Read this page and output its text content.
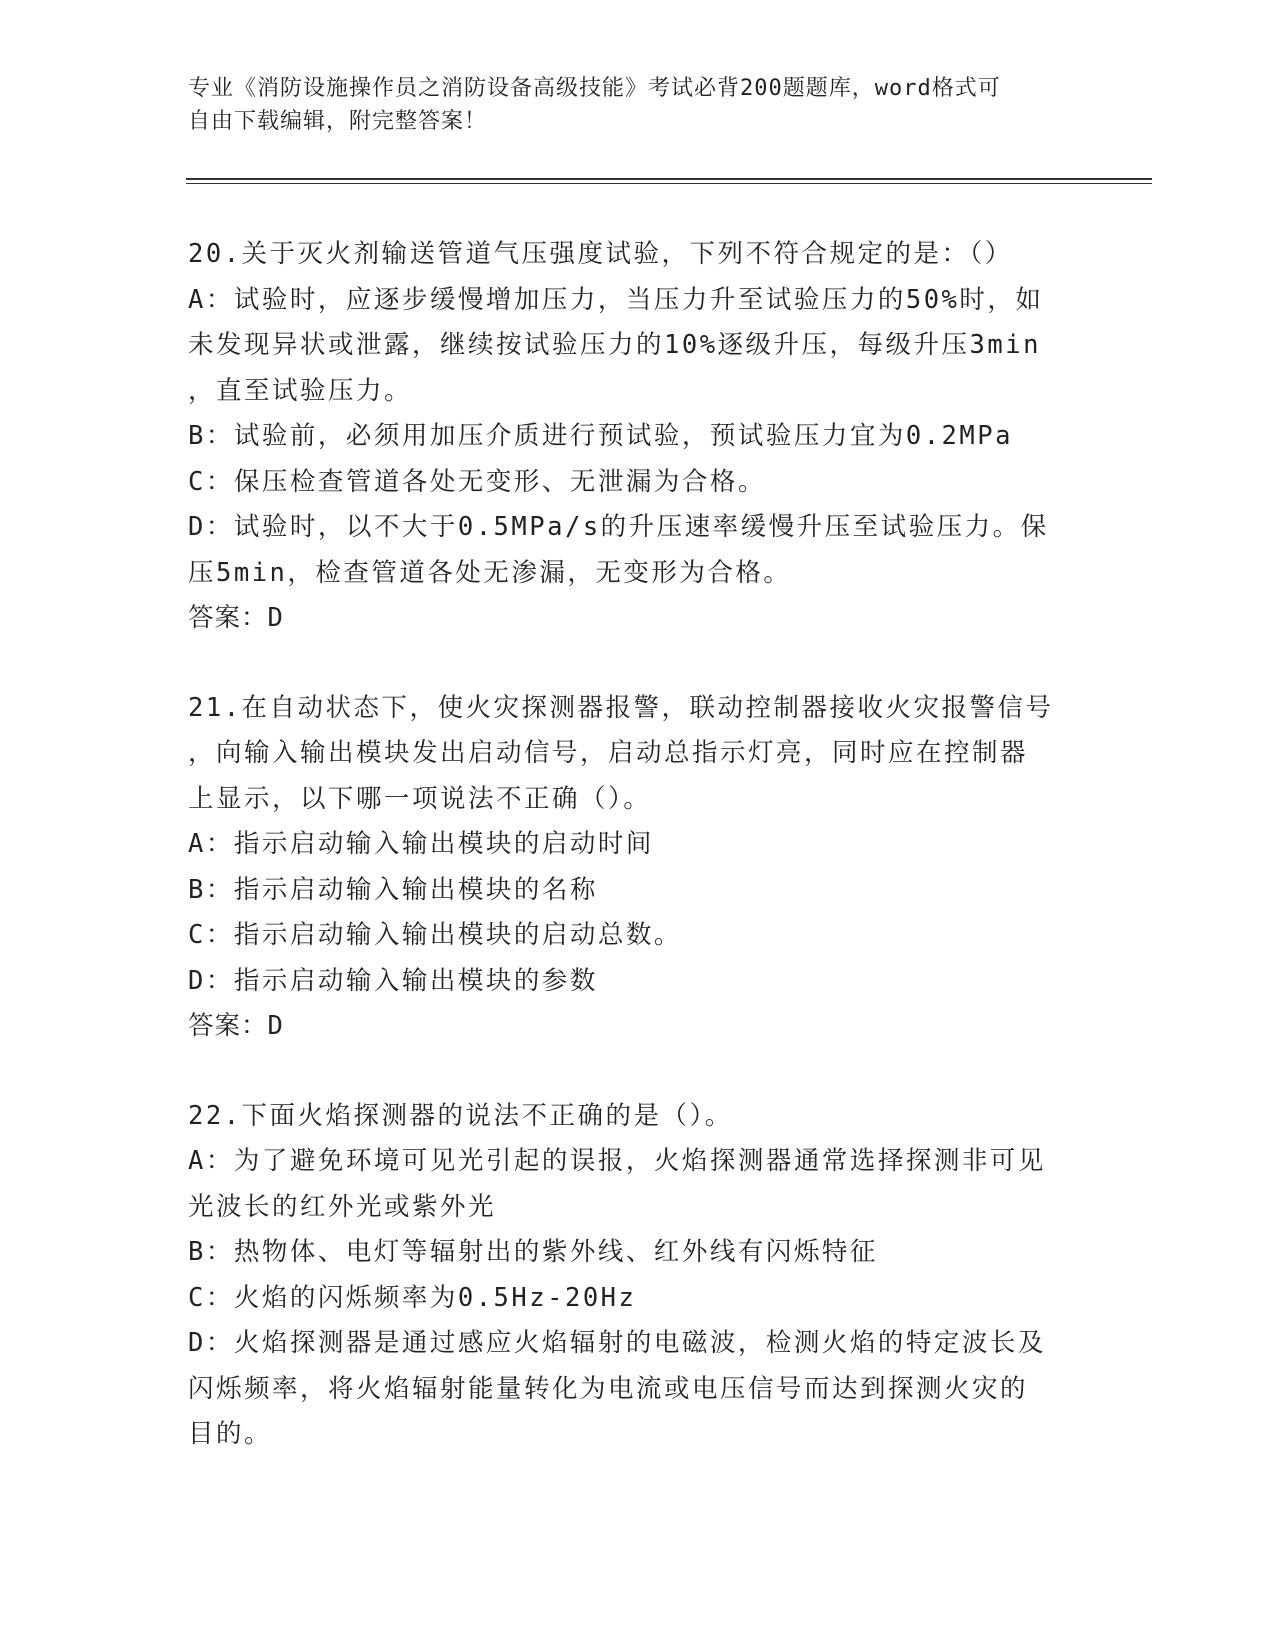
专业《消防设施操作员之消防设备高级技能》考试必背200题题库，word格式可

自由下载编辑，附完整答案！

20.关于灭火剂输送管道气压强度试验，下列不符合规定的是：（）

A：试验时，应逐步缓慢增加压力，当压力升至试验压力的50%时，如

未发现异状或泄露，继续按试验压力的10%逐级升压，每级升压3min

，直至试验压力。

B：试验前，必须用加压介质进行预试验，预试验压力宜为0.2MPa

C：保压检查管道各处无变形、无泄漏为合格。

D：试验时，以不大于0.5MPa/s的升压速率缓慢升压至试验压力。保

压5min，检查管道各处无渗漏，无变形为合格。

答案：D

21.在自动状态下，使火灾探测器报警，联动控制器接收火灾报警信号

，向输入输出模块发出启动信号，启动总指示灯亮，同时应在控制器

上显示，以下哪一项说法不正确（）。

A：指示启动输入输出模块的启动时间

B：指示启动输入输出模块的名称

C：指示启动输入输出模块的启动总数。

D：指示启动输入输出模块的参数

答案：D

22.下面火焰探测器的说法不正确的是（）。

A：为了避免环境可见光引起的误报，火焰探测器通常选择探测非可见

光波长的红外光或紫外光

B：热物体、电灯等辐射出的紫外线、红外线有闪烁特征

C：火焰的闪烁频率为0.5Hz-20Hz

D：火焰探测器是通过感应火焰辐射的电磁波，检测火焰的特定波长及

闪烁频率，将火焰辐射能量转化为电流或电压信号而达到探测火灾的

目的。
